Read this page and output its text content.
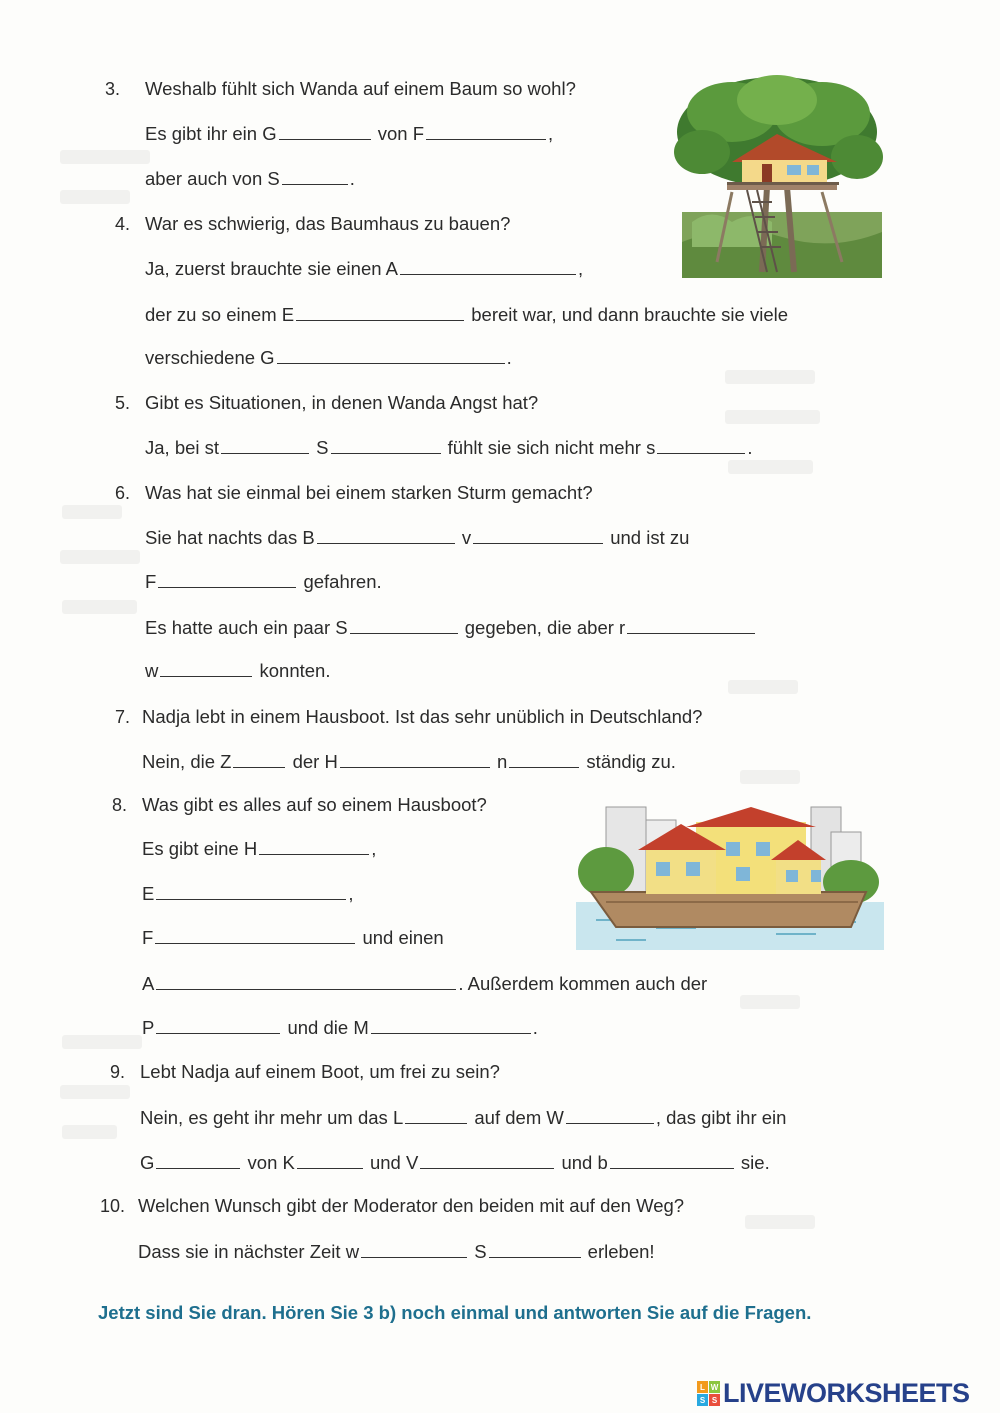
3. Weshalb fühlt sich Wanda auf einem Baum so wohl?
Es gibt ihr ein G	von F	,
aber auch von S	.
4. War es schwierig, das Baumhaus zu bauen?
Ja, zuerst brauchte sie einen A	,
der zu so einem E	bereit war, und dann brauchte sie viele
verschiedene G	.
5. Gibt es Situationen, in denen Wanda Angst hat?
Ja, bei st	S	fühlt sie sich nicht mehr s	.
6. Was hat sie einmal bei einem starken Sturm gemacht?
Sie hat nachts das B	v	und ist zu
F	gefahren.
Es hatte auch ein paar S	gegeben, die aber r
w	konnten.
7. Nadja lebt in einem Hausboot. Ist das sehr unüblich in Deutschland?
Nein, die Z	der H	n	ständig zu.
8. Was gibt es alles auf so einem Hausboot?
Es gibt eine H	,
E	,
F	und einen
A	. Außerdem kommen auch der
P	und die M	.
9. Lebt Nadja auf einem Boot, um frei zu sein?
Nein, es geht ihr mehr um das L	auf dem W	, das gibt ihr ein
G	von K	und V	und b	sie.
10. Welchen Wunsch gibt der Moderator den beiden mit auf den Weg?
Dass sie in nächster Zeit w	S	erleben!
Jetzt sind Sie dran. Hören Sie 3 b) noch einmal und antworten Sie auf die Fragen.
L W
S S LIVEWORKSHEETS
